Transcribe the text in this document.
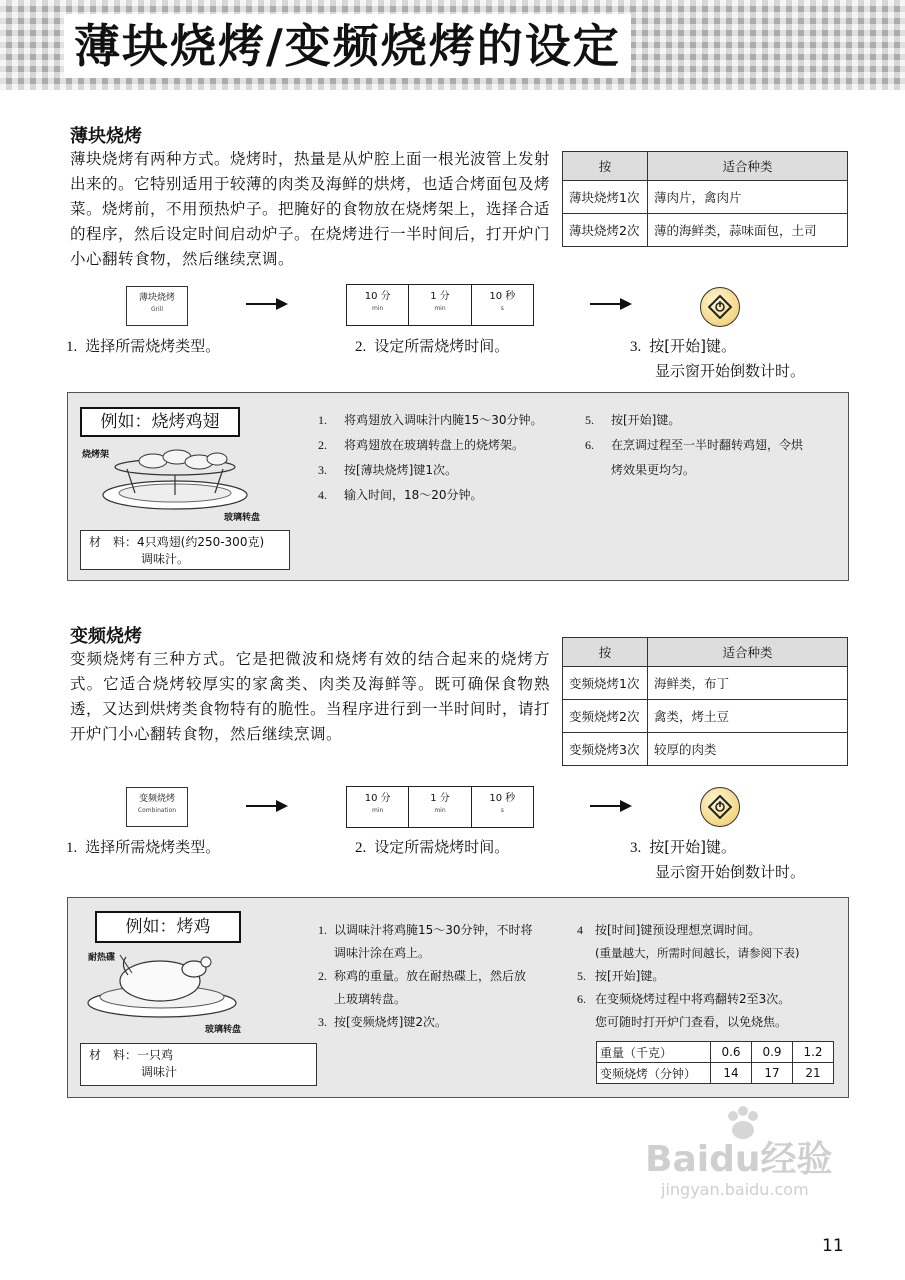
薄块烧烤/变频烧烤的设定
薄块烧烤
薄块烧烤有两种方式。烧烤时，热量是从炉腔上面一根光波管上发射出来的。它特别适用于较薄的肉类及海鲜的烘烤，也适合烤面包及烤菜。烧烤前，不用预热炉子。把腌好的食物放在烧烤架上，选择合适的程序，然后设定时间启动炉子。在烧烤进行一半时间后，打开炉门小心翻转食物，然后继续烹调。
按	适合种类
薄块烧烤1次	薄肉片，禽肉片
薄块烧烤2次	薄的海鲜类，蒜味面包，土司
薄块烧烤
Grill
10 分
min
1 分
min
10 秒
s
1. 选择所需烧烤类型。	2. 设定所需烧烤时间。	3. 按[开始]键。
显示窗开始倒数计时。
例如：烧烤鸡翅
烧烤架
玻璃转盘
材　料：4只鸡翅(约250-300克)
调味汁。
1. 将鸡翅放入调味汁内腌15～30分钟。
2. 将鸡翅放在玻璃转盘上的烧烤架。
3. 按[薄块烧烤]键1次。
4. 输入时间，18～20分钟。
5. 按[开始]键。
6. 在烹调过程至一半时翻转鸡翅，令烘
烤效果更均匀。
变频烧烤
变频烧烤有三种方式。它是把微波和烧烤有效的结合起来的烧烤方式。它适合烧烤较厚实的家禽类、肉类及海鲜等。既可确保食物熟透，又达到烘烤类食物特有的脆性。当程序进行到一半时间时，请打开炉门小心翻转食物，然后继续烹调。
按	适合种类
变频烧烤1次	海鲜类，布丁
变频烧烤2次	禽类，烤土豆
变频烧烤3次	较厚的肉类
变频烧烤
Combination
10 分
min
1 分
min
10 秒
s
1. 选择所需烧烤类型。	2. 设定所需烧烤时间。	3. 按[开始]键。
显示窗开始倒数计时。
例如：烤鸡
耐热碟
玻璃转盘
材　料：一只鸡
调味汁
1. 以调味汁将鸡腌15～30分钟，不时将
调味汁涂在鸡上。
2. 称鸡的重量。放在耐热碟上，然后放
上玻璃转盘。
3. 按[变频烧烤]键2次。
4 按[时间]键预设理想烹调时间。
(重量越大，所需时间越长，请参阅下表)
5. 按[开始]键。
6. 在变频烧烤过程中将鸡翻转2至3次。
您可随时打开炉门查看，以免烧焦。
重量（千克）	0.6	0.9	1.2
变频烧烤（分钟）	14	17	21
Baidu经验
jingyan.baidu.com
11
